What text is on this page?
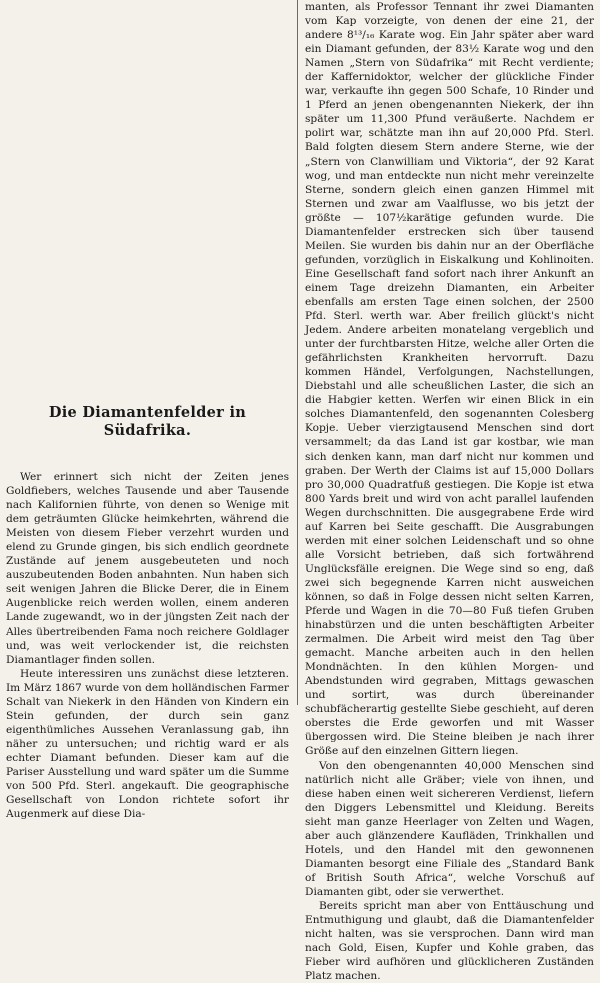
Die Diamantenfelder in Südafrika.

Wer erinnert sich nicht der Zeiten jenes Goldfiebers, welches Tausende und aber Tausende nach Kalifornien führte, von denen so Wenige mit dem geträumten Glücke heimkehrten, während die Meisten von diesem Fieber verzehrt wurden und elend zu Grunde gingen, bis sich endlich geordnete Zustände auf jenem ausgebeuteten und noch auszubeutenden Boden anbahnten. Nun haben sich seit wenigen Jahren die Blicke Derer, die in Einem Augenblicke reich werden wollen, einem anderen Lande zugewandt, wo in der jüngsten Zeit nach der Alles übertreibenden Fama noch reichere Goldlager und, was weit verlockender ist, die reichsten Diamantlager finden sollen.

Heute interessiren uns zunächst diese letzteren. Im März 1867 wurde von dem holländischen Farmer Schalt van Niekerk in den Händen von Kindern ein Stein gefunden, der durch sein ganz eigenthümliches Aussehen Veranlassung gab, ihn näher zu untersuchen; und richtig ward er als echter Diamant befunden. Dieser kam auf die Pariser Ausstellung und ward später um die Summe von 500 Pfd. Sterl. angekauft. Die geographische Gesellschaft von London richtete sofort ihr Augenmerk auf diese Dia-

manten, als Professor Tennant ihr zwei Diamanten vom Kap vorzeigte, von denen der eine 21, der andere 8¹³/₁₆ Karate wog. Ein Jahr später aber ward ein Diamant gefunden, der 83½ Karate wog und den Namen „Stern von Südafrika“ mit Recht verdiente; der Kaffernidoktor, welcher der glückliche Finder war, verkaufte ihn gegen 500 Schafe, 10 Rinder und 1 Pferd an jenen obengenannten Niekerk, der ihn später um 11,300 Pfund veräußerte. Nachdem er polirt war, schätzte man ihn auf 20,000 Pfd. Sterl. Bald folgten diesem Stern andere Sterne, wie der „Stern von Clanwilliam und Viktoria“, der 92 Karat wog, und man entdeckte nun nicht mehr vereinzelte Sterne, sondern gleich einen ganzen Himmel mit Sternen und zwar am Vaalflusse, wo bis jetzt der größte — 107½karätige gefunden wurde. Die Diamantenfelder erstrecken sich über tausend Meilen. Sie wurden bis dahin nur an der Oberfläche gefunden, vorzüglich in Eiskalkung und Kohlinoiten. Eine Gesellschaft fand sofort nach ihrer Ankunft an einem Tage dreizehn Diamanten, ein Arbeiter ebenfalls am ersten Tage einen solchen, der 2500 Pfd. Sterl. werth war. Aber freilich glückt's nicht Jedem. Andere arbeiten monatelang vergeblich und unter der furchtbarsten Hitze, welche aller Orten die gefährlichsten Krankheiten hervorruft. Dazu kommen Händel, Verfolgungen, Nachstellungen, Diebstahl und alle scheußlichen Laster, die sich an die Habgier ketten. Werfen wir einen Blick in ein solches Diamantenfeld, den sogenannten Colesberg Kopje. Ueber vierzigtausend Menschen sind dort versammelt; da das Land ist gar kostbar, wie man sich denken kann, man darf nicht nur kommen und graben. Der Werth der Claims ist auf 15,000 Dollars pro 30,000 Quadratfuß gestiegen. Die Kopje ist etwa 800 Yards breit und wird von acht parallel laufenden Wegen durchschnitten. Die ausgegrabene Erde wird auf Karren bei Seite geschafft. Die Ausgrabungen werden mit einer solchen Leidenschaft und so ohne alle Vorsicht betrieben, daß sich fortwährend Unglücksfälle ereignen. Die Wege sind so eng, daß zwei sich begegnende Karren nicht ausweichen können, so daß in Folge dessen nicht selten Karren, Pferde und Wagen in die 70—80 Fuß tiefen Gruben hinabstürzen und die unten beschäftigten Arbeiter zermalmen. Die Arbeit wird meist den Tag über gemacht. Manche arbeiten auch in den hellen Mondnächten. In den kühlen Morgen- und Abendstunden wird gegraben, Mittags gewaschen und sortirt, was durch übereinander schubfächerartig gestellte Siebe geschieht, auf deren oberstes die Erde geworfen und mit Wasser übergossen wird. Die Steine bleiben je nach ihrer Größe auf den einzelnen Gittern liegen.

Von den obengenannten 40,000 Menschen sind natürlich nicht alle Gräber; viele von ihnen, und diese haben einen weit sichereren Verdienst, liefern den Diggers Lebensmittel und Kleidung. Bereits sieht man ganze Heerlager von Zelten und Wagen, aber auch glänzendere Kaufläden, Trinkhallen und Hotels, und den Handel mit den gewonnenen Diamanten besorgt eine Filiale des „Standard Bank of British South Africa“, welche Vorschuß auf Diamanten gibt, oder sie verwerthet.

Bereits spricht man aber von Enttäuschung und Entmuthigung und glaubt, daß die Diamantenfelder nicht halten, was sie versprochen. Dann wird man nach Gold, Eisen, Kupfer und Kohle graben, das Fieber wird aufhören und glücklicheren Zuständen Platz machen.
